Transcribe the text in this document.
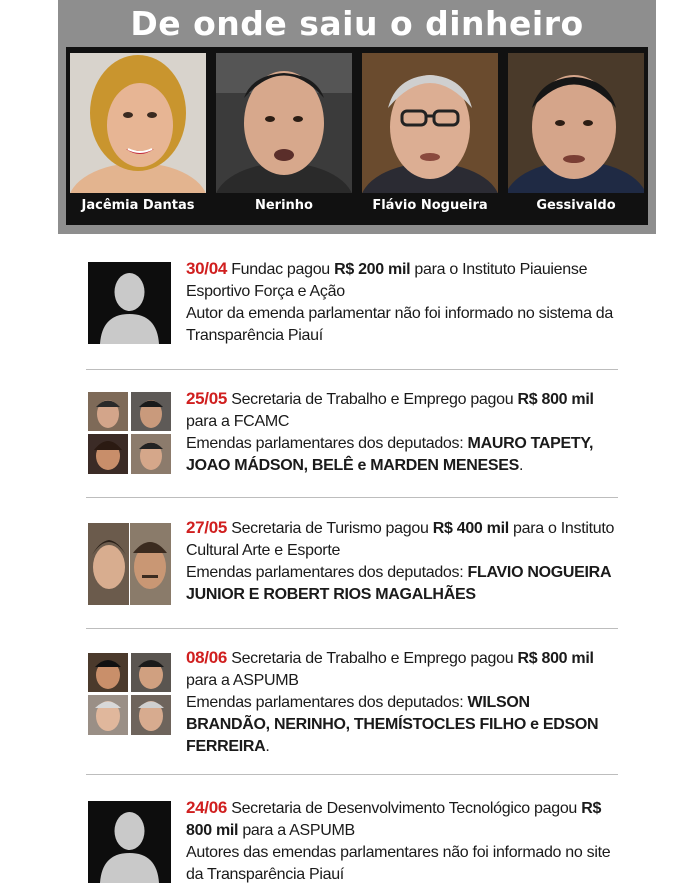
De onde saiu o dinheiro
Jacêmia Dantas	Nerinho	Flávio Nogueira	Gessivaldo
30/04 Fundac pagou R$ 200 mil para o Instituto Piauiense Esportivo Força e Ação
Autor da emenda parlamentar não foi informado no sistema da Transparência Piauí
25/05 Secretaria de Trabalho e Emprego pagou R$ 800 mil para a FCAMC
Emendas parlamentares dos deputados: MAURO TAPETY, JOAO MÁDSON, BELÊ e MARDEN MENESES.
27/05 Secretaria de Turismo pagou R$ 400 mil para o Instituto Cultural Arte e Esporte
Emendas parlamentares dos deputados: FLAVIO NOGUEIRA JUNIOR E ROBERT RIOS MAGALHÃES
08/06 Secretaria de Trabalho e Emprego pagou R$ 800 mil para a ASPUMB
Emendas parlamentares dos deputados: WILSON BRANDÃO, NERINHO, THEMÍSTOCLES FILHO e EDSON FERREIRA.
24/06 Secretaria de Desenvolvimento Tecnológico pagou R$ 800 mil para a ASPUMB
Autores das emendas parlamentares não foi informado no site da Transparência Piauí
